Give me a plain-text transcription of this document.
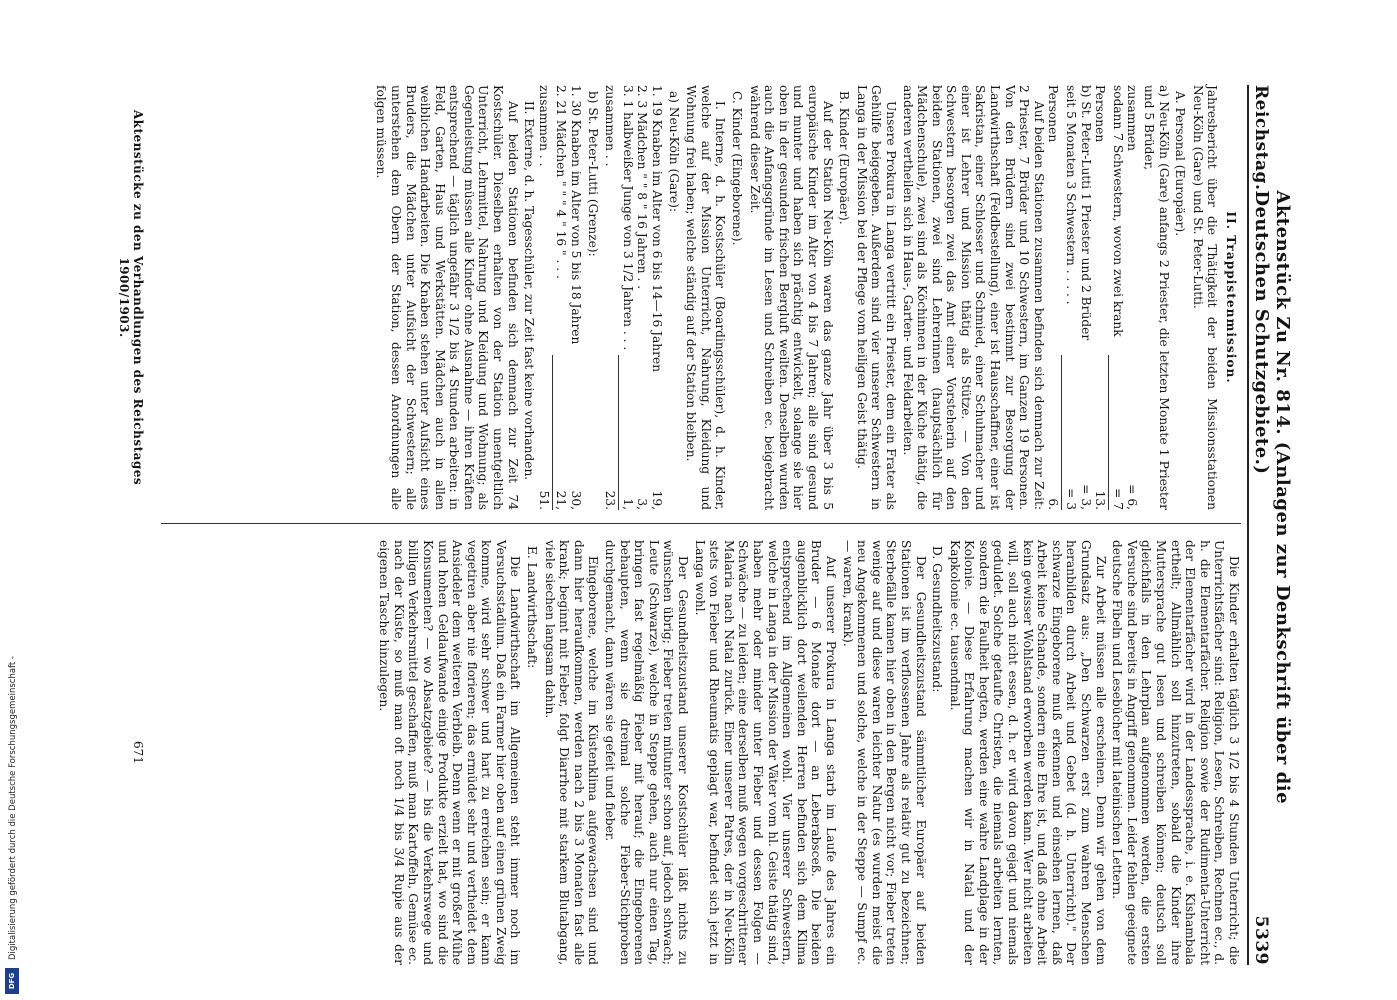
Digitalisierung gefördert durch die Deutsche Forschungsgemeinschaft -
DFG
Reichstag.
Aktenstück Zu Nr. 814. (Anlagen zur Denkschrift über die Deutschen Schutzgebiete.)
5339
II. Trappistenmission.

Jahresbericht über die Thätigkeit der beiden Missionsstationen Neu-Köln (Gare) und St. Peter-Lutti.

A. Personal (Europäer).

a) Neu-Köln (Gare) anfangs 2 Priester, die letzten Monate 1 Priester und 5 Brüder,

zusammen
= 6,
sodann 7 Schwestern, wovon zwei krank
= 7
Personen
13.
b) St. Peter-Lutti 1 Priester und 2 Brüder
= 3,
seit 5 Monaten 3 Schwestern . . . . .
= 3
Personen
6.

Auf beiden Stationen zusammen befinden sich demnach zur Zeit: 2 Priester, 7 Brüder und 10 Schwestern, im Ganzen 19 Personen. Von den Brüdern sind zwei bestimmt zur Besorgung der Landwirthschaft (Feldbestellung), einer ist Hausschaffner, einer ist Sakristan, einer Schlosser und Schmied, einer Schuhmacher und einer ist Lehrer und Mission thätig als Stütze. — Von den Schwestern besorgen zwei das Amt einer Vorsteherin auf den beiden Stationen, zwei sind Lehrerinnen (hauptsächlich für Mädchenschule), zwei sind als Köchinnen in der Küche thätig, die anderen vertheilen sich in Haus-, Garten- und Feldarbeiten.

Unsere Prokura in Langa vertritt ein Priester, dem ein Frater als Gehülfe beigegeben. Außerdem sind vier unserer Schwestern in Langa in der Mission bei der Pflege vom heiligen Geist thätig.

B. Kinder (Europäer).

Auf der Station Neu-Köln waren das ganze Jahr über 3 bis 5 europäische Kinder im Alter von 4 bis 7 Jahren; alle sind gesund und munter und haben sich prächtig entwickelt, solange sie hier oben in der gesunden frischen Bergluft weilten. Denselben wurden auch die Anfangsgründe im Lesen und Schreiben ec. beigebracht während dieser Zeit.

C. Kinder (Eingeborene).

I. Interne, d. h. Kostschüler (Boardingsschüler), d. h. Kinder, welche auf der Mission Unterricht, Nahrung, Kleidung und Wohnung frei haben; welche ständig auf der Station bleiben.

a) Neu-Köln (Gare):
1. 19 Knaben im Alter von 6 bis 14—16 Jahren
19,
2. 3 Mädchen " " 8 " 16 Jahren . .
3,
3. 1 halbweißer Junge von 3 1/2 Jahren . . .
1,
zusammen . .
23.
b) St. Peter-Lutti (Grenze):
1. 30 Knaben im Alter von 5 bis 18 Jahren
30,
2. 21 Mädchen " " " 4 " 16 " . . .
21,
zusammen . .
51.

II. Externe, d. h. Tagesschüler, zur Zeit fast keine vorhanden.

Auf beiden Stationen befinden sich demnach zur Zeit 74 Kostschüler. Dieselben erhalten von der Station unentgeltlich Unterricht, Lehrmittel, Nahrung und Kleidung und Wohnung; als Gegenleistung müssen alle Kinder ohne Ausnahme — ihren Kräften entsprechend — täglich ungefähr 3 1/2 bis 4 Stunden arbeiten: in Feld, Garten, Haus und Werkstätten. Mädchen auch in allen weiblichen Handarbeiten. Die Knaben stehen unter Aufsicht eines Bruders, die Mädchen unter Aufsicht der Schwestern; alle unterstehen dem Obern der Station, dessen Anordnungen alle folgen müssen.

Die Kinder erhalten täglich 3 1/2 bis 4 Stunden Unterricht; die Unterrichtsfächer sind: Religion, Lesen, Schreiben, Rechnen ec., d. h. die Elementarfächer. Religion sowie der Rudimenta-Unterricht der Elementarfächer wird in der Landessprache, i. e. Kishambala ertheilt; Allmählich soll hinzutreten, sobald die Kinder ihre Muttersprache gut lesen und schreiben können; deutsch soll gleichfalls in den Lehrplan aufgenommen werden, die ersten Versuche sind bereits in Angriff genommen. Leider fehlen geeignete deutsche Fibeln und Lesebücher mit lateinischen Lettern.

Zur Arbeit müssen alle erscheinen. Denn wir gehen von dem Grundsatz aus: „Den Schwarzen erst zum wahren Menschen heranbilden durch Arbeit und Gebet (d. h. Unterricht)." Der schwarze Eingeborene muß erkennen und einsehen lernen, daß Arbeit keine Schande, sondern eine Ehre ist, und daß ohne Arbeit kein gewisser Wohlstand erworben werden kann. Wer nicht arbeiten will, soll auch nicht essen, d. h. er wird davon gejagt und niemals geduldet. Solche getaufte Christen, die niemals arbeiten lernten, sondern die Faulheit hegten, werden eine wahre Landplage in der Kolonie. — Diese Erfahrung machen wir in Natal und der Kapkolonie ec. tausendmal.

D. Gesundheitszustand:

Der Gesundheitszustand sämmtlicher Europäer auf beiden Stationen ist im verflossenen Jahre als relativ gut zu bezeichnen; Sterbefälle kamen hier oben in den Bergen nicht vor; Fieber treten wenige auf und diese waren leichter Natur (es wurden meist die neu Angekommenen und solche, welche in der Steppe — Sumpf ec. — waren, krank).

Auf unserer Prokura in Langa starb im Laufe des Jahres ein Bruder — 6 Monate dort — an Leberabsceß. Die beiden augenblicklich dort weilenden Herren befinden sich dem Klima entsprechend im Allgemeinen wohl. Vier unserer Schwestern, welche in Langa in der Mission der Väter vom hl. Geiste thätig sind, haben mehr oder minder unter Fieber und dessen Folgen — Schwäche — zu leiden; eine derselben muß wegen vorgeschrittener Malaria nach Natal zurück. Einer unserer Patres, der in Neu-Köln stets von Fieber und Rheumatis geplagt war, befindet sich jetzt in Langa wohl.

Der Gesundheitszustand unserer Kostschüler läßt nichts zu wünschen übrig; Fieber treten mitunter schon auf, jedoch schwach; Leute (Schwarze), welche in Steppe gehen, auch nur einen Tag, bringen fast regelmäßig Fieber mit herauf; die Eingeborenen behaupten, wenn sie dreimal solche Fieber-Stichproben durchgemacht, dann wären sie gefeit und fieber.

Eingeborene, welche im Küstenklima aufgewachsen sind und dann hier heraufkommen, werden nach 2 bis 3 Monaten fast alle krank; beginnt mit Fieber, folgt Diarrhoe mit starkem Blutabgang, viele siechen langsam dahin.

E. Landwirthschaft:

Die Landwirthschaft im Allgemeinen steht immer noch im Versuchsstadium. Daß ein Farmer hier oben auf einen grünen Zweig komme, wird sehr schwer und hart zu erreichen sein; er kann vegetiren aber nie florieren; das ermüdet sehr und vertheidet dem Ansiedeler dem weiteren Verbleib. Denn wenn er mit großer Mühe und hohen Geldaufwande einige Produkte erzielt hat, wo sind die Konsumenten? — wo Absatzgebiete? — bis die Verkehrswege und billigen Verkehrsmittel geschaffen, muß man Kartoffeln, Gemüse ec. nach der Küste, so muß man oft noch 1/4 bis 3/4 Rupie aus der eigenen Tasche hinzulegen.

Aktenstücke zu den Verhandlungen des Reichstages 1900/1903.
671
